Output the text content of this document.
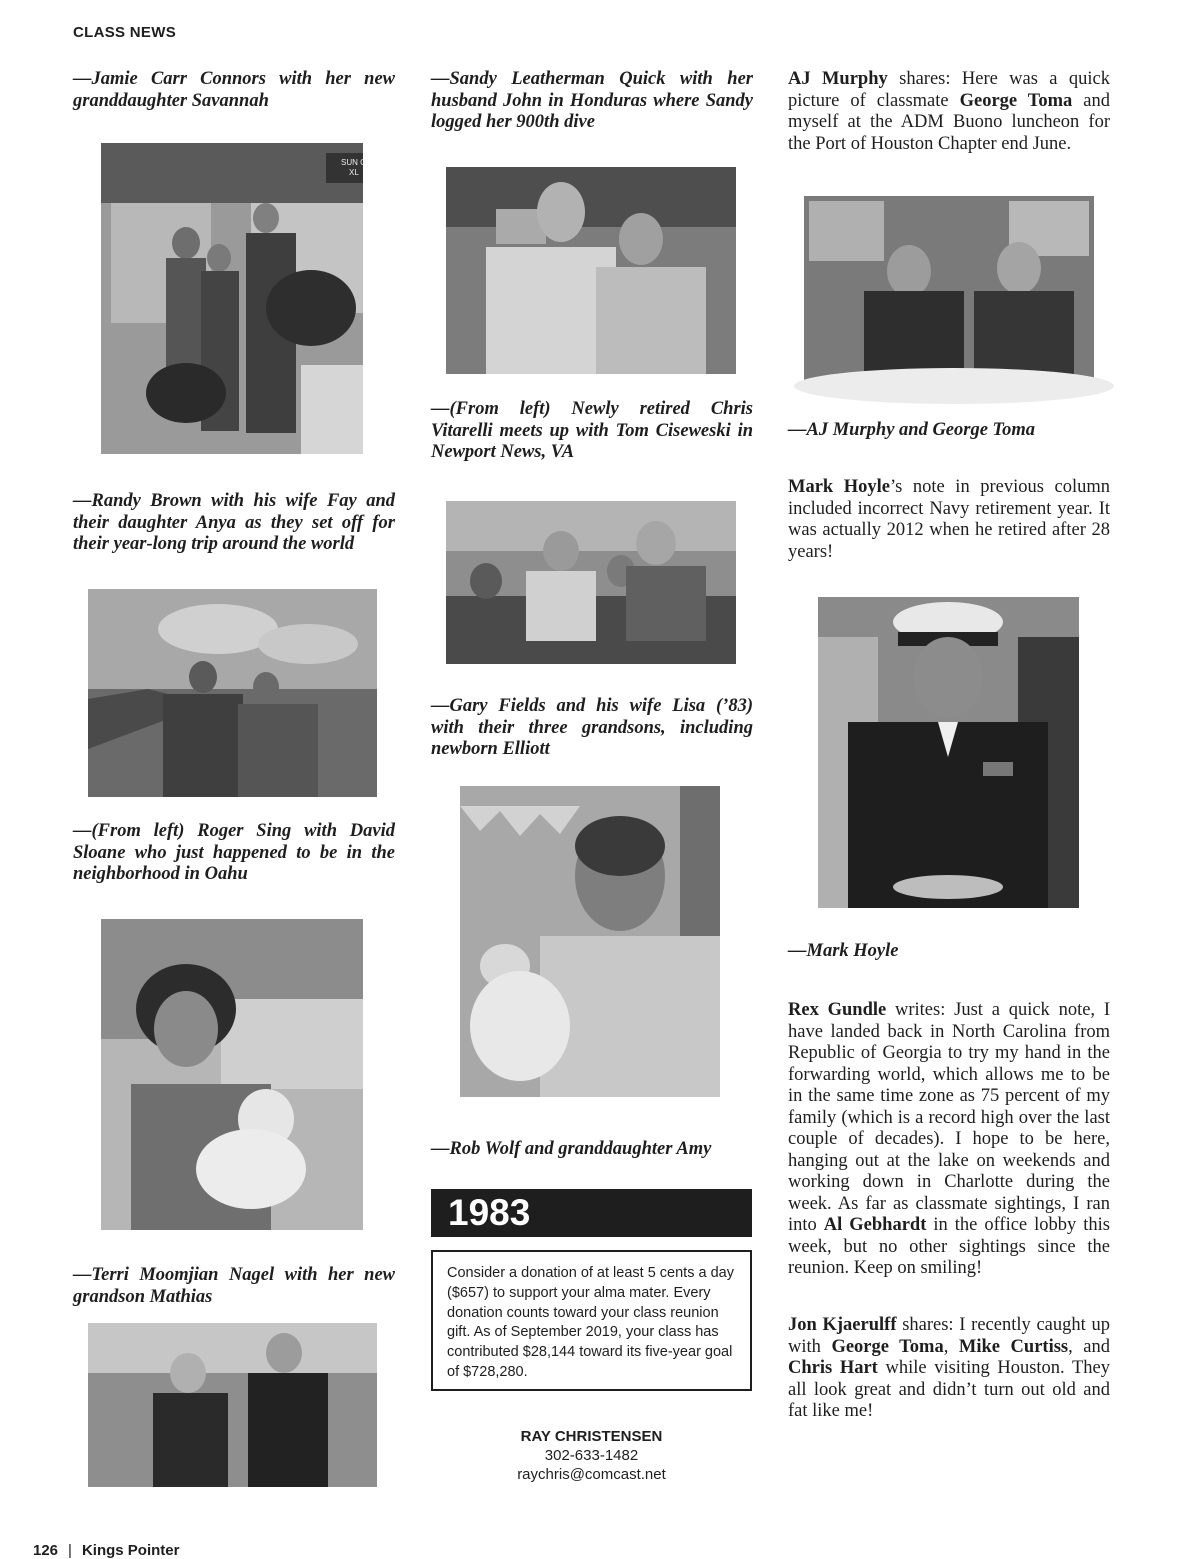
CLASS NEWS
—Jamie Carr Connors with her new granddaughter Savannah
SUN C
XL
—Randy Brown with his wife Fay and their daughter Anya as they set off for their year-long trip around the world
—(From left) Roger Sing with David Sloane who just happened to be in the neighborhood in Oahu
—Terri Moomjian Nagel with her new grandson Mathias
—Sandy Leatherman Quick with her husband John in Honduras where Sandy logged her 900th dive
—(From left) Newly retired Chris Vitarelli meets up with Tom Ciseweski in Newport News, VA
—Gary Fields and his wife Lisa (’83) with their three grandsons, including newborn Elliott
—Rob Wolf and granddaughter Amy
1983
Consider a donation of at least 5 cents a day ($657) to support your alma mater. Every donation counts toward your class reunion gift. As of September 2019, your class has contributed $28,144 toward its five-year goal of $728,280.
RAY CHRISTENSEN
302-633-1482
raychris@comcast.net
AJ Murphy shares: Here was a quick picture of classmate George Toma and myself at the ADM Buono luncheon for the Port of Houston Chapter end June.
—AJ Murphy and George Toma
Mark Hoyle’s note in previous column included incorrect Navy retirement year. It was actually 2012 when he retired after 28 years!
—Mark Hoyle
Rex Gundle writes: Just a quick note, I have landed back in North Carolina from Republic of Georgia to try my hand in the forwarding world, which allows me to be in the same time zone as 75 percent of my family (which is a record high over the last couple of decades). I hope to be here, hanging out at the lake on weekends and working down in Charlotte during the week. As far as classmate sightings, I ran into Al Gebhardt in the office lobby this week, but no other sightings since the reunion. Keep on smiling!
Jon Kjaerulff shares: I recently caught up with George Toma, Mike Curtiss, and Chris Hart while visiting Houston. They all look great and didn’t turn out old and fat like me!
126 | Kings Pointer
